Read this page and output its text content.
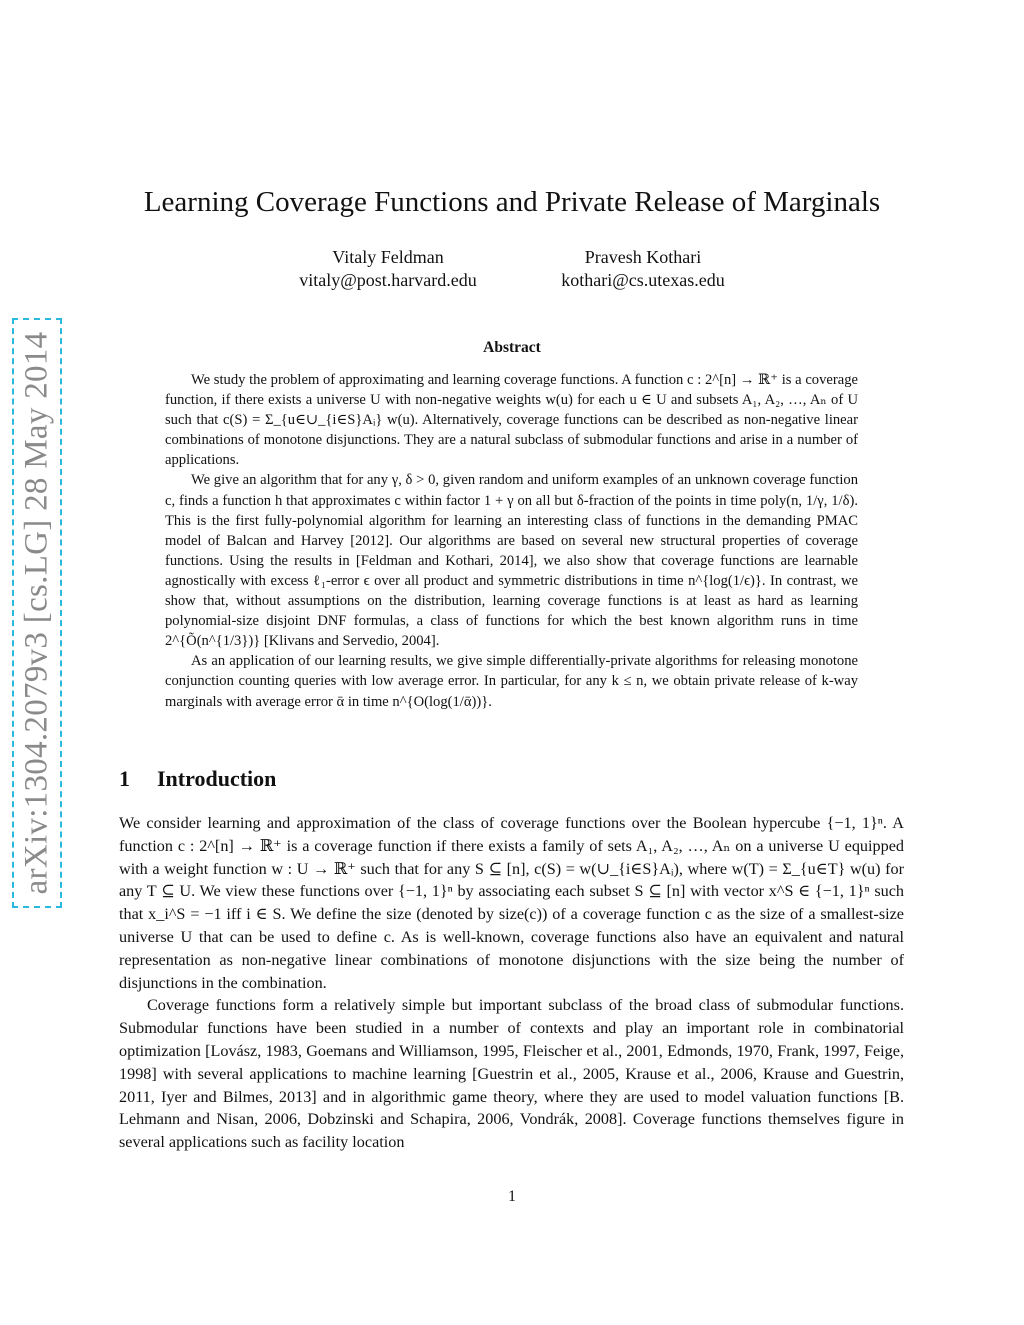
arXiv:1304.2079v3 [cs.LG] 28 May 2014
Learning Coverage Functions and Private Release of Marginals
Vitaly Feldman
vitaly@post.harvard.edu
Pravesh Kothari
kothari@cs.utexas.edu
Abstract

We study the problem of approximating and learning coverage functions. A function c : 2^[n] → ℝ⁺ is a coverage function, if there exists a universe U with non-negative weights w(u) for each u ∈ U and subsets A₁, A₂, …, Aₙ of U such that c(S) = Σ_{u∈∪_{i∈S}Aᵢ} w(u). Alternatively, coverage functions can be described as non-negative linear combinations of monotone disjunctions. They are a natural subclass of submodular functions and arise in a number of applications.

We give an algorithm that for any γ, δ > 0, given random and uniform examples of an unknown coverage function c, finds a function h that approximates c within factor 1 + γ on all but δ-fraction of the points in time poly(n, 1/γ, 1/δ). This is the first fully-polynomial algorithm for learning an interesting class of functions in the demanding PMAC model of Balcan and Harvey [2012]. Our algorithms are based on several new structural properties of coverage functions. Using the results in [Feldman and Kothari, 2014], we also show that coverage functions are learnable agnostically with excess ℓ₁-error ϵ over all product and symmetric distributions in time n^{log(1/ϵ)}. In contrast, we show that, without assumptions on the distribution, learning coverage functions is at least as hard as learning polynomial-size disjoint DNF formulas, a class of functions for which the best known algorithm runs in time 2^{Õ(n^{1/3})} [Klivans and Servedio, 2004].

As an application of our learning results, we give simple differentially-private algorithms for releasing monotone conjunction counting queries with low average error. In particular, for any k ≤ n, we obtain private release of k-way marginals with average error ᾱ in time n^{O(log(1/ᾱ))}.

1 Introduction

We consider learning and approximation of the class of coverage functions over the Boolean hypercube {−1, 1}ⁿ. A function c : 2^[n] → ℝ⁺ is a coverage function if there exists a family of sets A₁, A₂, …, Aₙ on a universe U equipped with a weight function w : U → ℝ⁺ such that for any S ⊆ [n], c(S) = w(∪_{i∈S}Aᵢ), where w(T) = Σ_{u∈T} w(u) for any T ⊆ U. We view these functions over {−1, 1}ⁿ by associating each subset S ⊆ [n] with vector x^S ∈ {−1, 1}ⁿ such that x_i^S = −1 iff i ∈ S. We define the size (denoted by size(c)) of a coverage function c as the size of a smallest-size universe U that can be used to define c. As is well-known, coverage functions also have an equivalent and natural representation as non-negative linear combinations of monotone disjunctions with the size being the number of disjunctions in the combination.

Coverage functions form a relatively simple but important subclass of the broad class of submodular functions. Submodular functions have been studied in a number of contexts and play an important role in combinatorial optimization [Lovász, 1983, Goemans and Williamson, 1995, Fleischer et al., 2001, Edmonds, 1970, Frank, 1997, Feige, 1998] with several applications to machine learning [Guestrin et al., 2005, Krause et al., 2006, Krause and Guestrin, 2011, Iyer and Bilmes, 2013] and in algorithmic game theory, where they are used to model valuation functions [B. Lehmann and Nisan, 2006, Dobzinski and Schapira, 2006, Vondrák, 2008]. Coverage functions themselves figure in several applications such as facility location

1
